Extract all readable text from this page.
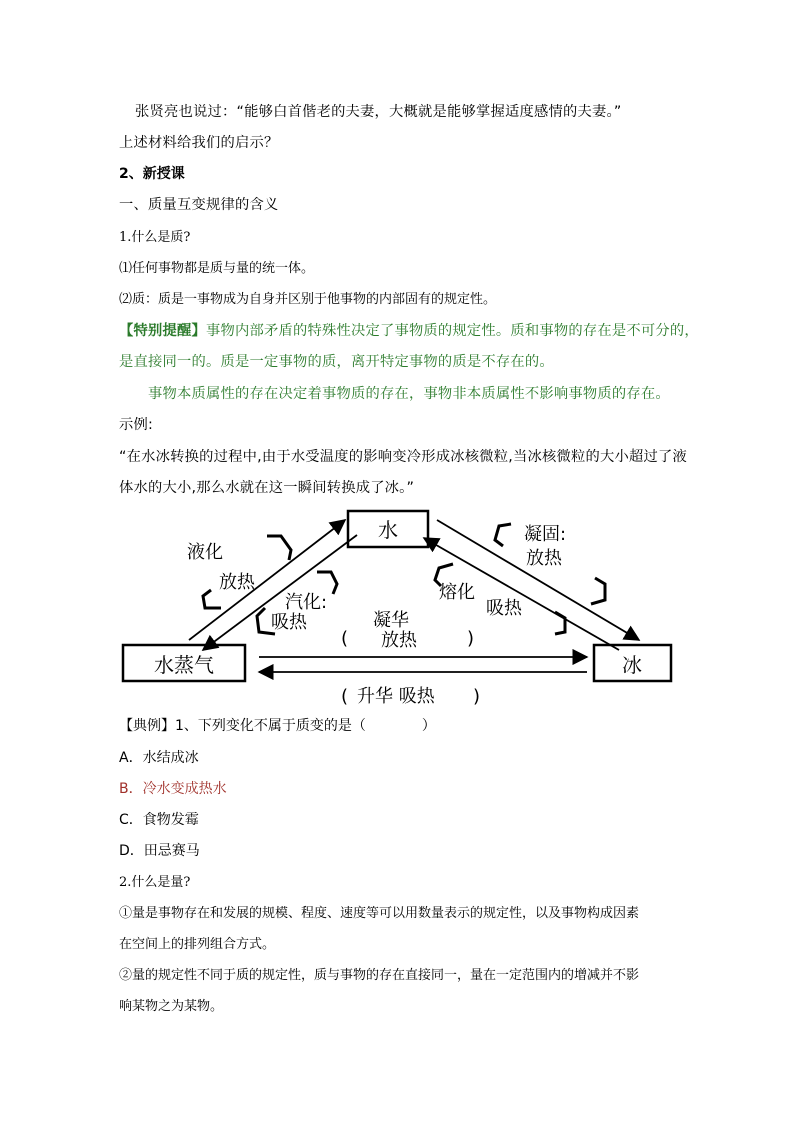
张贤亮也说过：“能够白首偕老的夫妻，大概就是能够掌握适度感情的夫妻。”
上述材料给我们的启示？
2、新授课
一、质量互变规律的含义
1.什么是质?
⑴任何事物都是质与量的统一体。
⑵质：质是一事物成为自身并区别于他事物的内部固有的规定性。
【特别提醒】事物内部矛盾的特殊性决定了事物质的规定性。质和事物的存在是不可分的，
是直接同一的。质是一定事物的质，离开特定事物的质是不存在的。
事物本质属性的存在决定着事物质的存在，事物非本质属性不影响事物质的存在。
示例:
“在水冰转换的过程中,由于水受温度的影响变冷形成冰核微粒,当冰核微粒的大小超过了液
体水的大小,那么水就在这一瞬间转换成了冰。”
水
水蒸气	冰
液化
放热
汽化:
吸热
凝固:
放热
熔化
吸热
凝华
( 放热	)
( 升华 吸热 )
【典例】1、下列变化不属于质变的是（	）
A．水结成冰
B．冷水变成热水
C．食物发霉
D．田忌赛马
2.什么是量?
①量是事物存在和发展的规模、程度、速度等可以用数量表示的规定性，以及事物构成因素
在空间上的排列组合方式。
②量的规定性不同于质的规定性，质与事物的存在直接同一，量在一定范围内的增减并不影
响某物之为某物。
